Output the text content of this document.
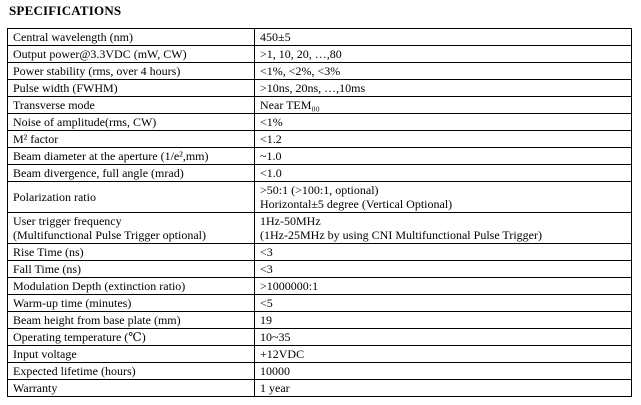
SPECIFICATIONS
Central wavelength (nm)	450±5

Output power@3.3VDC (mW, CW)	>1, 10, 20, …,80

Power stability (rms, over 4 hours)	<1%, <2%, <3%

Pulse width (FWHM)	>10ns, 20ns, …,10ms

Transverse mode	Near TEM₀₀

Noise of amplitude(rms, CW)	<1%

M² factor	<1.2

Beam diameter at the aperture (1/e²,mm)	~1.0

Beam divergence, full angle (mrad)	<1.0

Polarization ratio	>50:1 (>100:1, optional)
Horizontal±5 degree (Vertical Optional)

User trigger frequency
(Multifunctional Pulse Trigger optional)	1Hz-50MHz
(1Hz-25MHz by using CNI Multifunctional Pulse Trigger)

Rise Time (ns)	<3

Fall Time (ns)	<3

Modulation Depth (extinction ratio)	>1000000:1

Warm-up time (minutes)	<5

Beam height from base plate (mm)	19

Operating temperature (℃)	10~35

Input voltage	+12VDC

Expected lifetime (hours)	10000

Warranty	1 year
